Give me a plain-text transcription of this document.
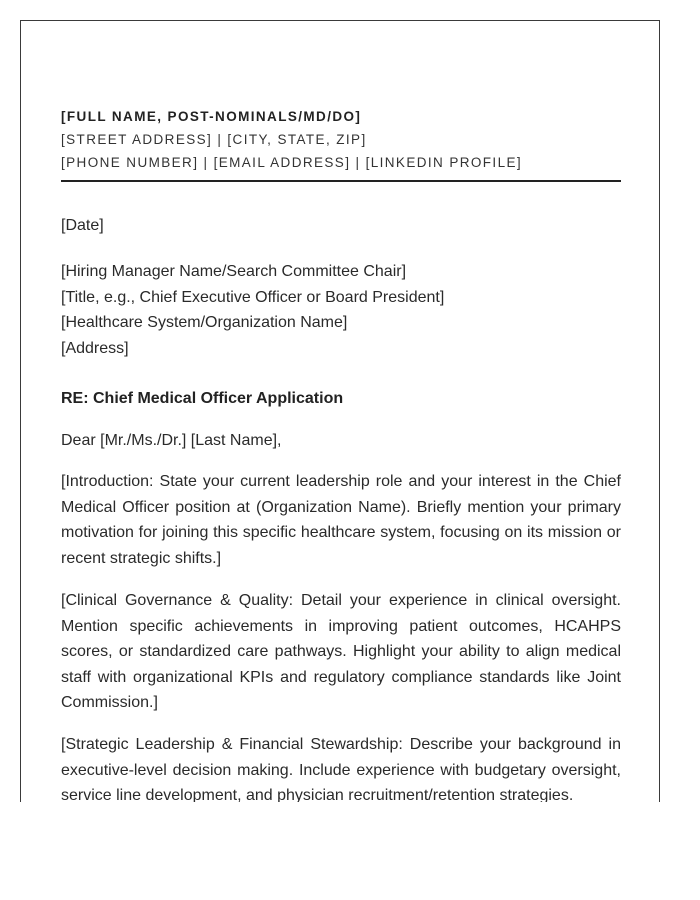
[FULL NAME, POST-NOMINALS/MD/DO]
[STREET ADDRESS] | [CITY, STATE, ZIP]
[PHONE NUMBER] | [EMAIL ADDRESS] | [LINKEDIN PROFILE]
[Date]
[Hiring Manager Name/Search Committee Chair]
[Title, e.g., Chief Executive Officer or Board President]
[Healthcare System/Organization Name]
[Address]
RE: Chief Medical Officer Application
Dear [Mr./Ms./Dr.] [Last Name],

[Introduction: State your current leadership role and your interest in the Chief Medical Officer position at (Organization Name). Briefly mention your primary motivation for joining this specific healthcare system, focusing on its mission or recent strategic shifts.]

[Clinical Governance & Quality: Detail your experience in clinical oversight. Mention specific achievements in improving patient outcomes, HCAHPS scores, or standardized care pathways. Highlight your ability to align medical staff with organizational KPIs and regulatory compliance standards like Joint Commission.]

[Strategic Leadership & Financial Stewardship: Describe your background in executive-level decision making. Include experience with budgetary oversight, service line development, and physician recruitment/retention strategies.
